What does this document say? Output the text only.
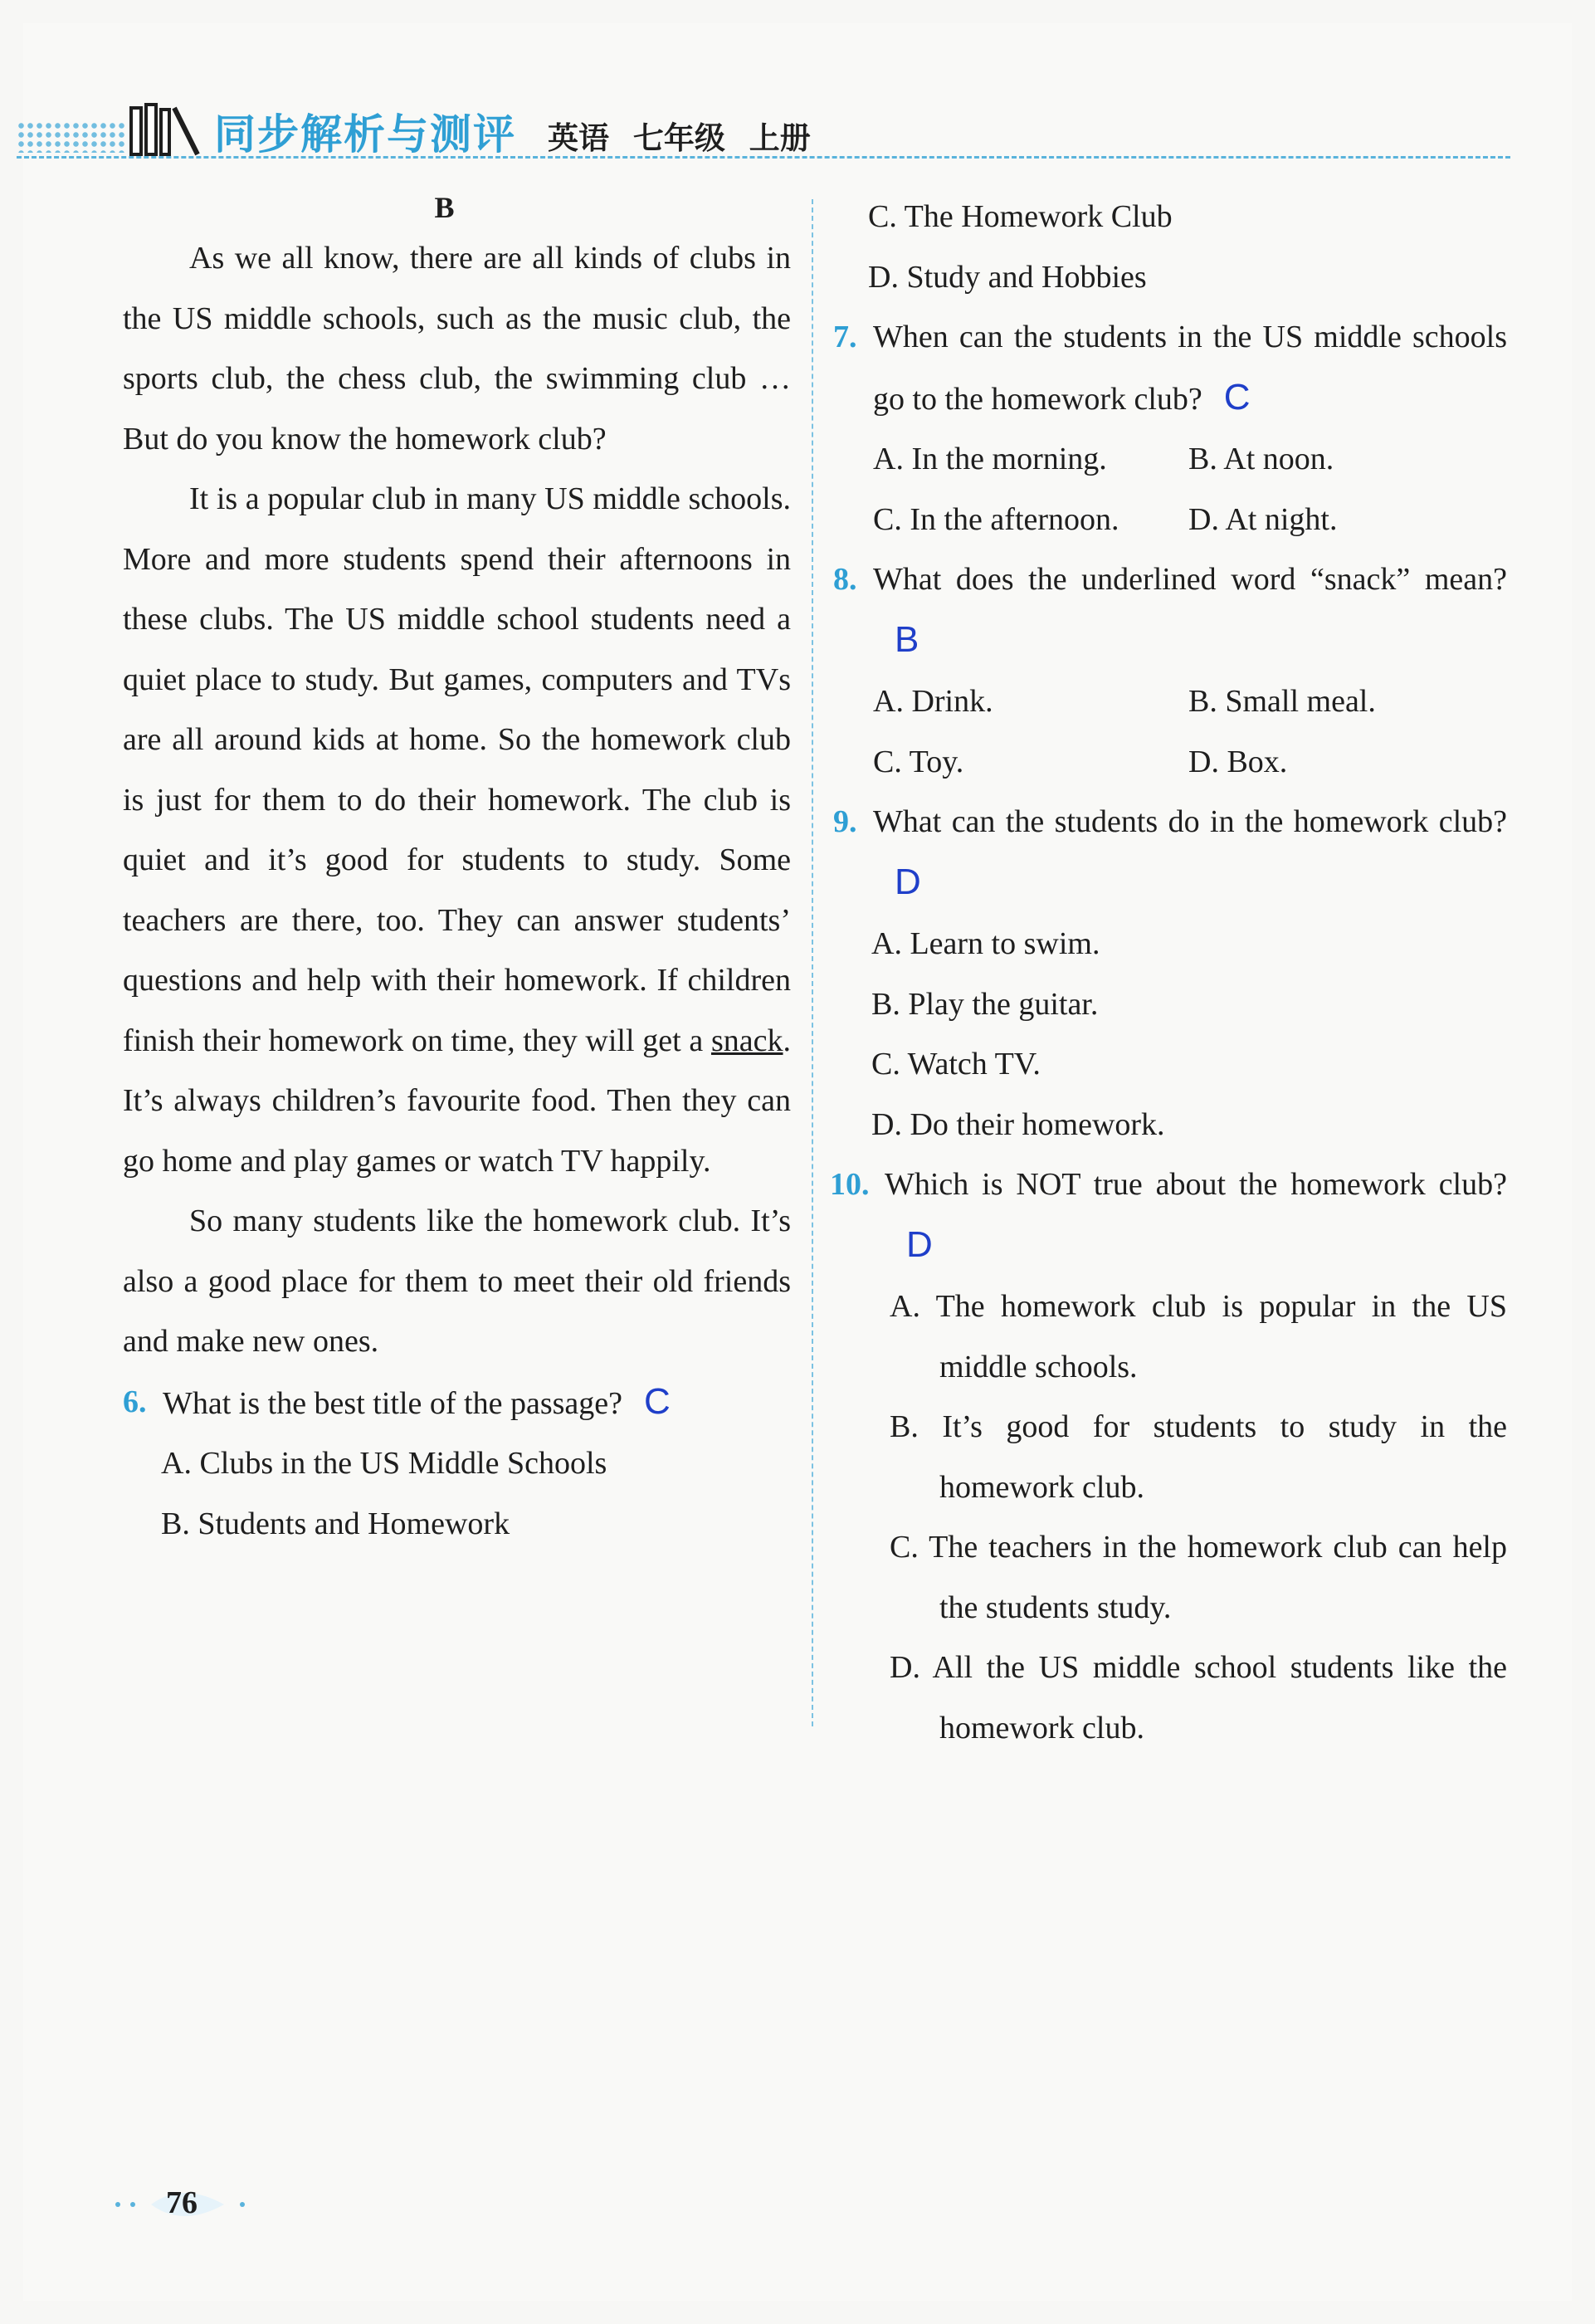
同步解析与测评 英语 七年级 上册
B

As we all know, there are all kinds of clubs in the US middle schools, such as the music club, the sports club, the chess club, the swimming club … But do you know the homework club?

It is a popular club in many US middle schools. More and more students spend their afternoons in these clubs. The US middle school students need a quiet place to study. But games, computers and TVs are all around kids at home. So the homework club is just for them to do their homework. The club is quiet and it’s good for students to study. Some teachers are there, too. They can answer students’ questions and help with their homework. If children finish their homework on time, they will get a snack. It’s always children’s favourite food. Then they can go home and play games or watch TV happily.

So many students like the homework club. It’s also a good place for them to meet their old friends and make new ones.

6. What is the best title of the passage? C

A. Clubs in the US Middle Schools

B. Students and Homework

C. The Homework Club

D. Study and Hobbies

7. When can the students in the US middle schools go to the homework club? C

A. In the morning.	B. At noon.
C. In the afternoon.	D. At night.

8. What does the underlined word “snack” mean?B

A. Drink.	B. Small meal.
C. Toy.	D. Box.

9. What can the students do in the homework club?D

A. Learn to swim.

B. Play the guitar.

C. Watch TV.

D. Do their homework.

10. Which is NOT true about the homework club?D

A. The homework club is popular in the US middle schools.

B. It’s good for students to study in the homework club.

C. The teachers in the homework club can help the students study.

D. All the US middle school students like the homework club.

76
